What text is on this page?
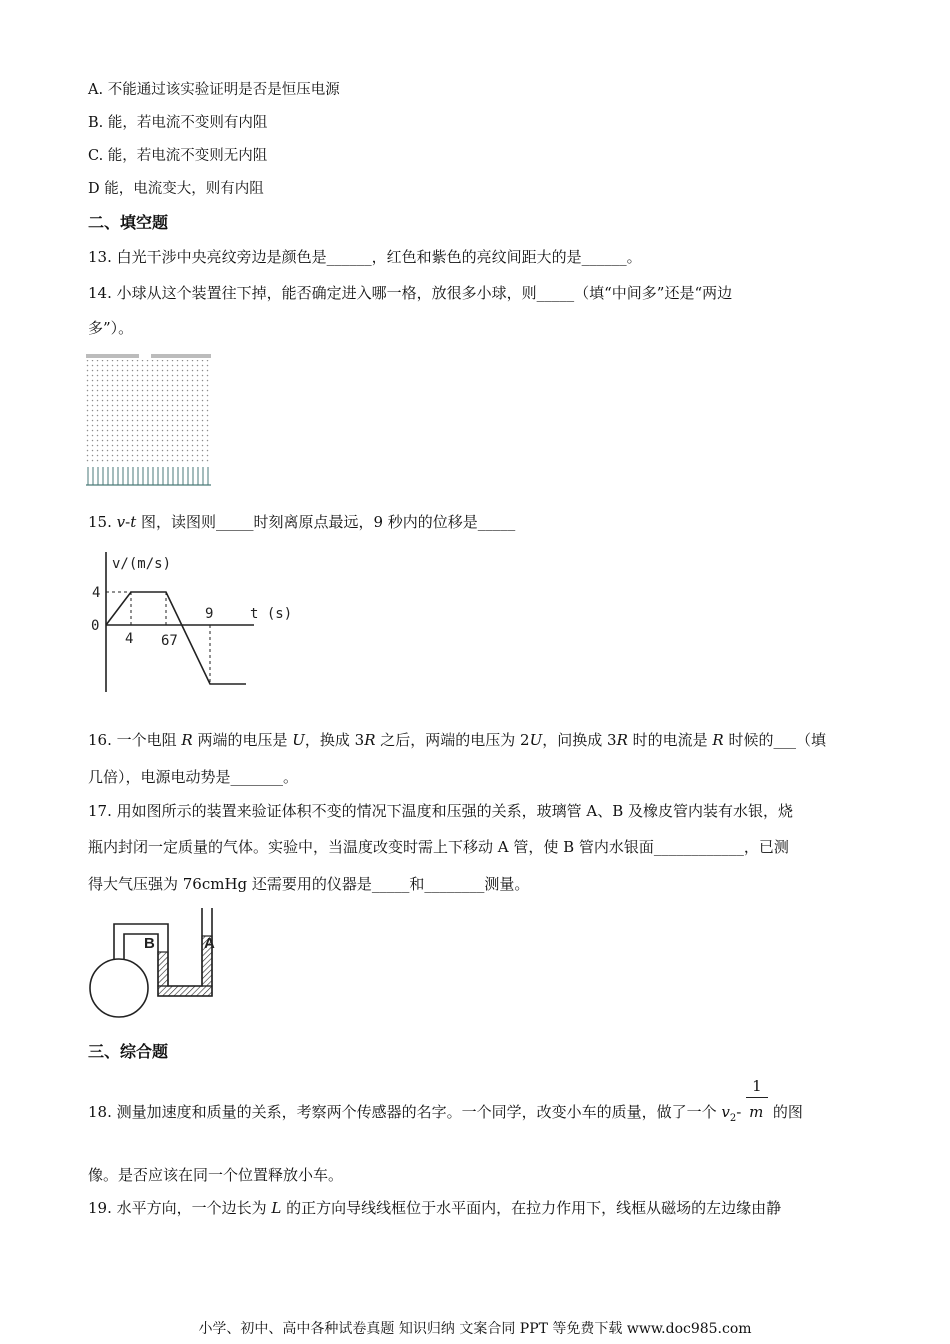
A. 不能通过该实验证明是否是恒压电源
B. 能，若电流不变则有内阻
C. 能，若电流不变则无内阻
D 能，电流变大，则有内阻
二、填空题
13. 白光干涉中央亮纹旁边是颜色是______，红色和紫色的亮纹间距大的是______。
14. 小球从这个装置往下掉，能否确定进入哪一格，放很多小球，则_____（填“中间多”还是“两边
多”）。
15. v-t 图，读图则_____时刻离原点最远，9 秒内的位移是_____
v/(m/s)
4
0
4 67
9	t (s)
16. 一个电阻 R 两端的电压是 U，换成 3R 之后，两端的电压为 2U，问换成 3R 时的电流是 R 时候的___（填
几倍），电源电动势是_______。
17. 用如图所示的装置来验证体积不变的情况下温度和压强的关系，玻璃管 A、B 及橡皮管内装有水银，烧
瓶内封闭一定质量的气体。实验中，当温度改变时需上下移动 A 管，使 B 管内水银面____________，已测
得大气压强为 76cmHg 还需要用的仪器是_____和________测量。
B	A
三、综合题
18. 测量加速度和质量的关系，考察两个传感器的名字。一个同学，改变小车的质量，做了一个 $v_2- \frac{1}{m}$ 的图
像。是否应该在同一个位置释放小车。
19. 水平方向，一个边长为 L 的正方向导线线框位于水平面内，在拉力作用下，线框从磁场的左边缘由静
小学、初中、高中各种试卷真题 知识归纳 文案合同 PPT 等免费下载 www.doc985.com
